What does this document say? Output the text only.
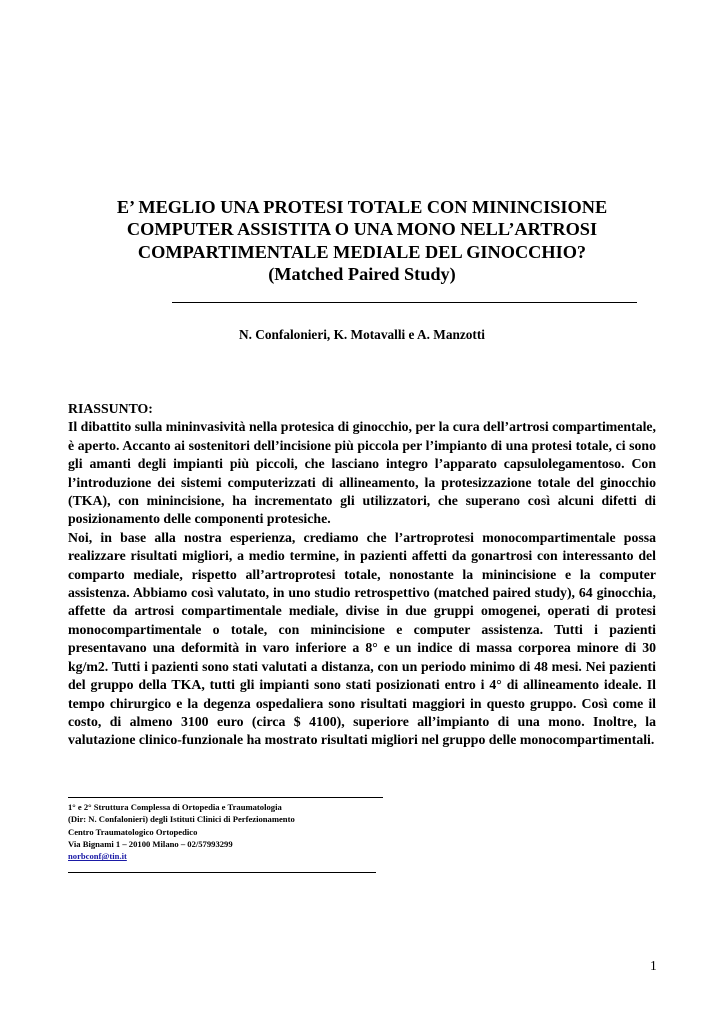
E’ MEGLIO UNA PROTESI TOTALE CON MININCISIONE
COMPUTER ASSISTITA O UNA MONO NELL’ARTROSI
COMPARTIMENTALE MEDIALE DEL GINOCCHIO?
(Matched Paired Study)
N. Confalonieri, K. Motavalli e A. Manzotti
RIASSUNTO:
Il dibattito sulla mininvasività nella protesica di ginocchio, per la cura dell’artrosi compartimentale, è aperto. Accanto ai sostenitori dell’incisione più piccola per l’impianto di una protesi totale, ci sono gli amanti degli impianti più piccoli, che lasciano integro l’apparato capsulolegamentoso. Con l’introduzione dei sistemi computerizzati di allineamento, la protesizzazione totale del ginocchio (TKA), con minincisione, ha incrementato gli utilizzatori, che superano così alcuni difetti di posizionamento delle componenti protesiche.
Noi, in base alla nostra esperienza, crediamo che l’artroprotesi monocompartimentale possa realizzare risultati migliori, a medio termine, in pazienti affetti da gonartrosi con interessanto del comparto mediale, rispetto all’artroprotesi totale, nonostante la minincisione e la computer assistenza. Abbiamo così valutato, in uno studio retrospettivo (matched paired study), 64 ginocchia, affette da artrosi compartimentale mediale, divise in due gruppi omogenei, operati di protesi monocompartimentale o totale, con minincisione e computer assistenza. Tutti i pazienti presentavano una deformità in varo inferiore a 8° e un indice di massa corporea minore di 30 kg/m2. Tutti i pazienti sono stati valutati a distanza, con un periodo minimo di 48 mesi. Nei pazienti del gruppo della TKA, tutti gli impianti sono stati posizionati entro i 4° di allineamento ideale. Il tempo chirurgico e la degenza ospedaliera sono risultati maggiori in questo gruppo. Così come il costo, di almeno 3100 euro (circa $ 4100), superiore all’impianto di una mono. Inoltre, la valutazione clinico-funzionale ha mostrato risultati migliori nel gruppo delle monocompartimentali.
1° e 2° Struttura Complessa di Ortopedia e Traumatologia
(Dir: N. Confalonieri) degli Istituti Clinici di Perfezionamento
Centro Traumatologico Ortopedico
Via Bignami 1 – 20100 Milano – 02/57993299
norbconf@tin.it
1
